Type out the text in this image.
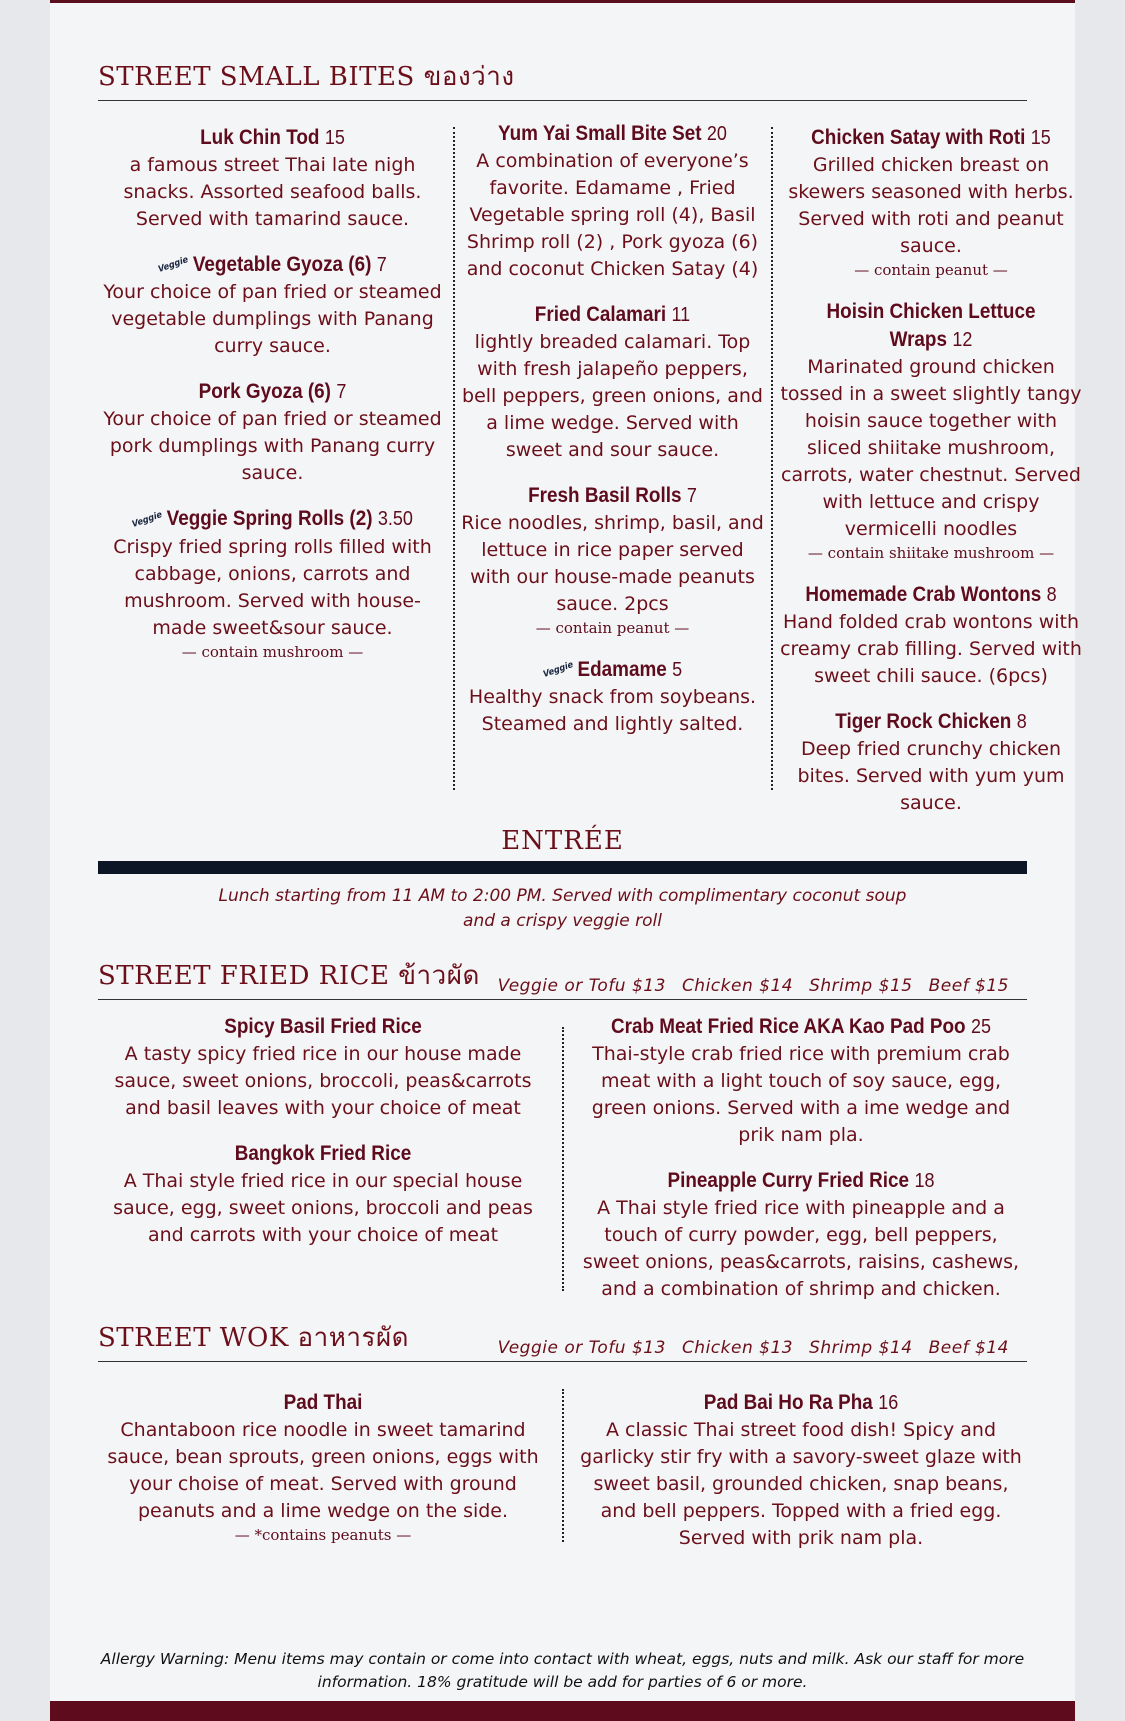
STREET SMALL BITES ของว่าง
Luk Chin Tod 15
a famous street Thai late nigh snacks. Assorted seafood balls. Served with tamarind sauce.
Veggie Vegetable Gyoza (6) 7
Your choice of pan fried or steamed vegetable dumplings with Panang curry sauce.
Pork Gyoza (6) 7
Your choice of pan fried or steamed pork dumplings with Panang curry sauce.
Veggie Veggie Spring Rolls (2) 3.50
Crispy fried spring rolls filled with cabbage, onions, carrots and mushroom. Served with house- made sweet&sour sauce.
— contain mushroom —
Yum Yai Small Bite Set 20
A combination of everyone’s favorite. Edamame , Fried Vegetable spring roll (4), Basil Shrimp roll (2) , Pork gyoza (6) and coconut Chicken Satay (4)
Fried Calamari 11
lightly breaded calamari. Top with fresh jalapeño peppers, bell peppers, green onions, and a lime wedge. Served with sweet and sour sauce.
Fresh Basil Rolls 7
Rice noodles, shrimp, basil, and lettuce in rice paper served with our house-made peanuts sauce. 2pcs
— contain peanut —
Veggie Edamame 5
Healthy snack from soybeans. Steamed and lightly salted.
Chicken Satay with Roti 15
Grilled chicken breast on skewers seasoned with herbs. Served with roti and peanut sauce.
— contain peanut —
Hoisin Chicken Lettuce Wraps 12
Marinated ground chicken tossed in a sweet slightly tangy hoisin sauce together with sliced shiitake mushroom, carrots, water chestnut. Served with lettuce and crispy vermicelli noodles
— contain shiitake mushroom —
Homemade Crab Wontons 8
Hand folded crab wontons with creamy crab filling. Served with sweet chili sauce. (6pcs)
Tiger Rock Chicken 8
Deep fried crunchy chicken bites. Served with yum yum sauce.
ENTRÉE
Lunch starting from 11 AM to 2:00 PM. Served with complimentary coconut soup
and a crispy veggie roll
STREET FRIED RICE ข้าวผัด	Veggie or Tofu $13 Chicken $14 Shrimp $15 Beef $15
Spicy Basil Fried Rice
A tasty spicy fried rice in our house made sauce, sweet onions, broccoli, peas&carrots and basil leaves with your choice of meat
Bangkok Fried Rice
A Thai style fried rice in our special house sauce, egg, sweet onions, broccoli and peas and carrots with your choice of meat
Crab Meat Fried Rice AKA Kao Pad Poo 25
Thai-style crab fried rice with premium crab meat with a light touch of soy sauce, egg, green onions. Served with a ime wedge and prik nam pla.
Pineapple Curry Fried Rice 18
A Thai style fried rice with pineapple and a touch of curry powder, egg, bell peppers, sweet onions, peas&carrots, raisins, cashews, and a combination of shrimp and chicken.
STREET WOK อาหารผัด	Veggie or Tofu $13 Chicken $13 Shrimp $14 Beef $14
Pad Thai
Chantaboon rice noodle in sweet tamarind sauce, bean sprouts, green onions, eggs with your choise of meat. Served with ground peanuts and a lime wedge on the side.
— *contains peanuts —
Pad Bai Ho Ra Pha 16
A classic Thai street food dish! Spicy and garlicky stir fry with a savory-sweet glaze with sweet basil, grounded chicken, snap beans, and bell peppers. Topped with a fried egg. Served with prik nam pla.
Allergy Warning: Menu items may contain or come into contact with wheat, eggs, nuts and milk. Ask our staff for more
information. 18% gratitude will be add for parties of 6 or more.
